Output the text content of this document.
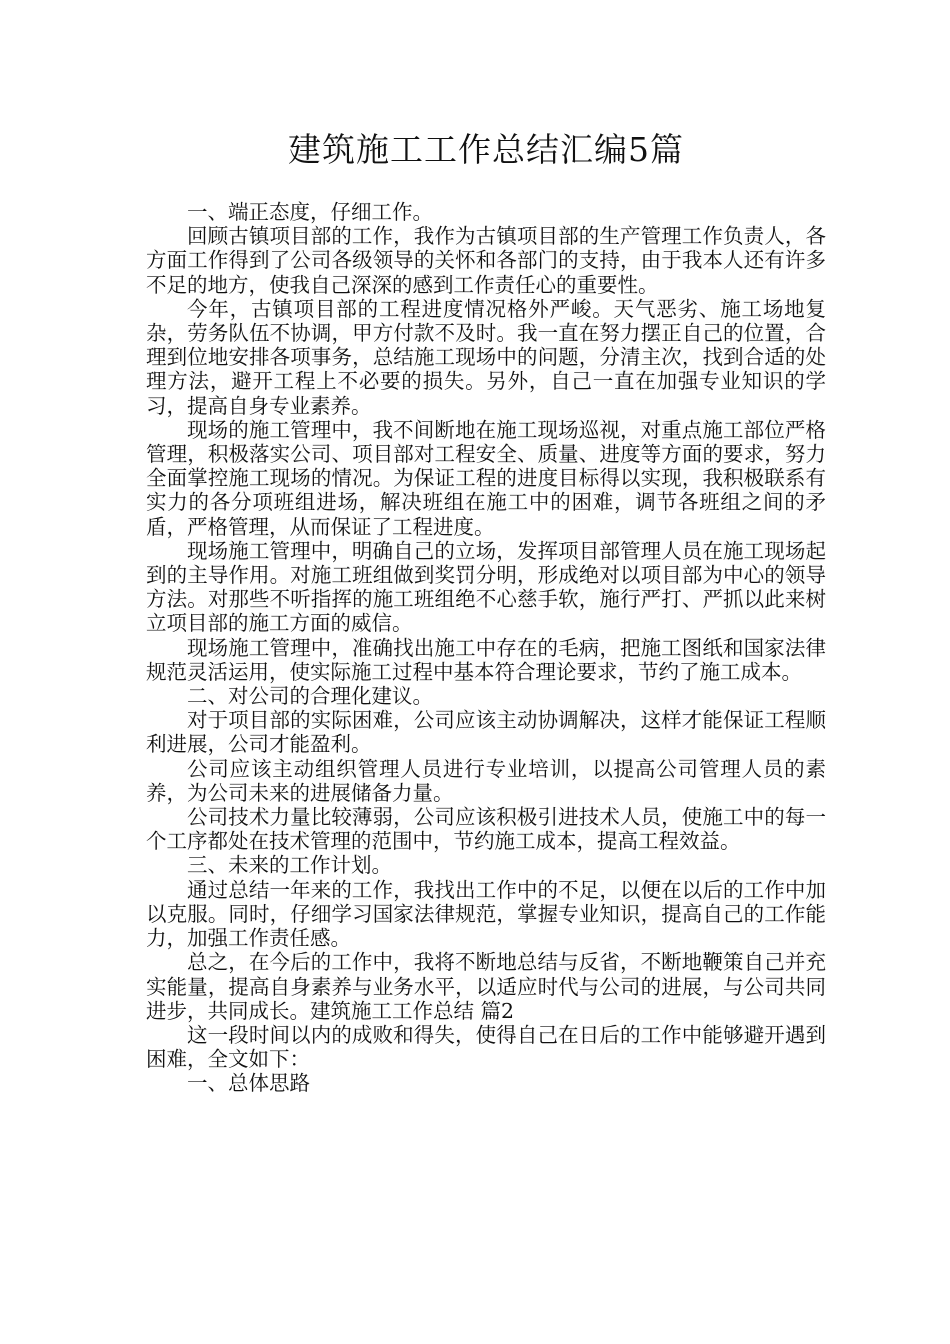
建筑施工工作总结汇编5篇

一、端正态度，仔细工作。

回顾古镇项目部的工作，我作为古镇项目部的生产管理工作负责人，各方面工作得到了公司各级领导的关怀和各部门的支持，由于我本人还有许多不足的地方，使我自己深深的感到工作责任心的重要性。

今年，古镇项目部的工程进度情况格外严峻。天气恶劣、施工场地复杂，劳务队伍不协调，甲方付款不及时。我一直在努力摆正自己的位置，合理到位地安排各项事务，总结施工现场中的问题，分清主次，找到合适的处理方法，避开工程上不必要的损失。另外，自己一直在加强专业知识的学习，提高自身专业素养。

现场的施工管理中，我不间断地在施工现场巡视，对重点施工部位严格管理，积极落实公司、项目部对工程安全、质量、进度等方面的要求，努力全面掌控施工现场的情况。为保证工程的进度目标得以实现，我积极联系有实力的各分项班组进场，解决班组在施工中的困难，调节各班组之间的矛盾，严格管理，从而保证了工程进度。

现场施工管理中，明确自己的立场，发挥项目部管理人员在施工现场起到的主导作用。对施工班组做到奖罚分明，形成绝对以项目部为中心的领导方法。对那些不听指挥的施工班组绝不心慈手软，施行严打、严抓以此来树立项目部的施工方面的威信。

现场施工管理中，准确找出施工中存在的毛病，把施工图纸和国家法律规范灵活运用，使实际施工过程中基本符合理论要求，节约了施工成本。

二、对公司的合理化建议。

对于项目部的实际困难，公司应该主动协调解决，这样才能保证工程顺利进展，公司才能盈利。

公司应该主动组织管理人员进行专业培训，以提高公司管理人员的素养，为公司未来的进展储备力量。

公司技术力量比较薄弱，公司应该积极引进技术人员，使施工中的每一个工序都处在技术管理的范围中，节约施工成本，提高工程效益。

三、未来的工作计划。

通过总结一年来的工作，我找出工作中的不足，以便在以后的工作中加以克服。同时，仔细学习国家法律规范，掌握专业知识，提高自己的工作能力，加强工作责任感。

总之，在今后的工作中，我将不断地总结与反省，不断地鞭策自己并充实能量，提高自身素养与业务水平，以适应时代与公司的进展，与公司共同进步，共同成长。建筑施工工作总结 篇2

这一段时间以内的成败和得失，使得自己在日后的工作中能够避开遇到困难，全文如下：

一、总体思路
